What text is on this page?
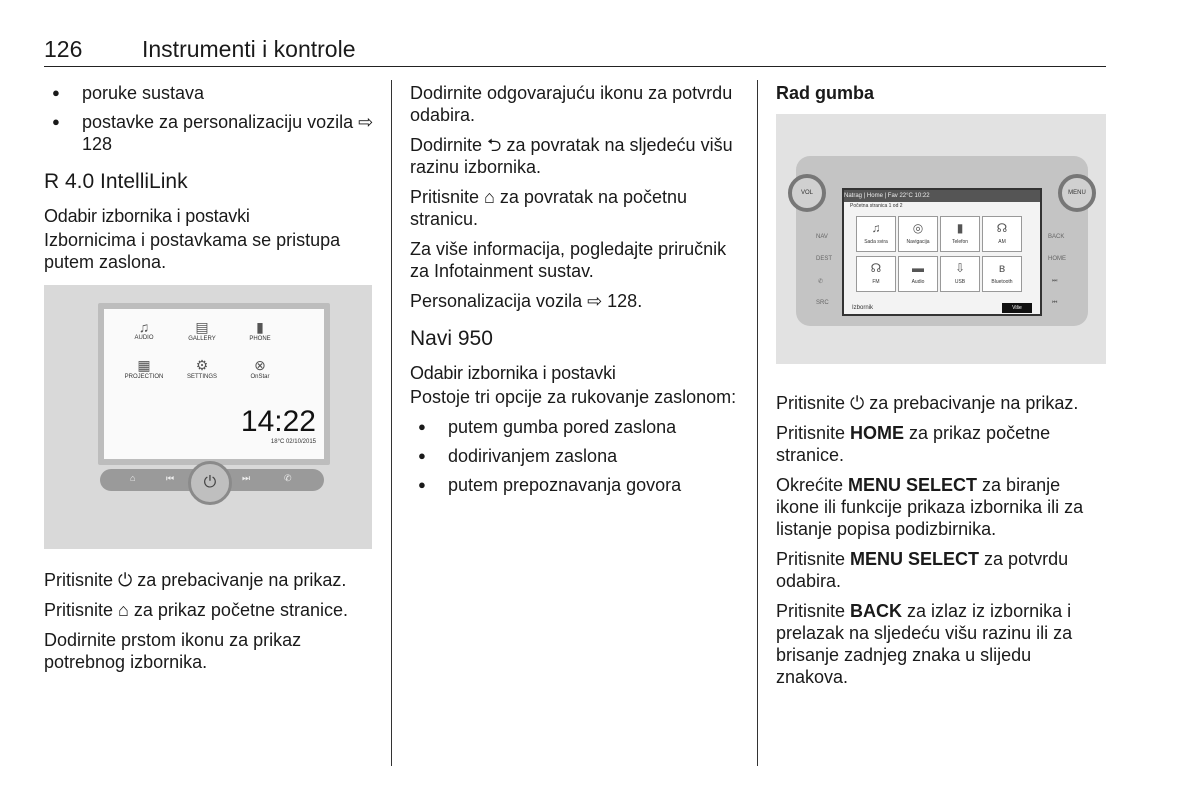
126	Instrumenti i kontrole
● poruke sustava
● postavke za personalizaciju vozila ⇨ 128
R 4.0 IntelliLink
Odabir izbornika i postavki

Izbornicima i postavkama se pristupa putem zaslona.

♫
AUDIO
▤
GALLERY
▮
PHONE
▦
PROJECTION
⚙
SETTINGS
⊗
OnStar
14:22
18°C 02/10/2015
⌂	⏮	⏭	✆
⏻

Pritisnite ⏻ za prebacivanje na prikaz.

Pritisnite ⌂ za prikaz početne stranice.

Dodirnite prstom ikonu za prikaz potrebnog izbornika.

Dodirnite odgovarajuću ikonu za potvrdu odabira.

Dodirnite ⮌ za povratak na sljedeću višu razinu izbornika.

Pritisnite ⌂ za povratak na početnu stranicu.

Za više informacija, pogledajte priručnik za Infotainment sustav.

Personalizacija vozila ⇨ 128.

Navi 950
Odabir izbornika i postavki

Postoje tri opcije za rukovanje zaslonom:

● putem gumba pored zaslona
● dodirivanjem zaslona
● putem prepoznavanja govora

Rad gumba

VOL	MENU
NAV
DEST
✆
SRC
BACK
HOME
⏭
⏮
Natrag | Home | Fav 22°C 10:22
Početna stranica 1 od 2
♫
Sada svira
◎
Navigacija
▮
Telefon
☊
AM
☊
FM
▬
Audio
⇩
USB
ʙ
Bluetooth
Izbornik	Više

Pritisnite ⏻ za prebacivanje na prikaz.

Pritisnite HOME za prikaz početne stranice.

Okrećite MENU SELECT za biranje ikone ili funkcije prikaza izbornika ili za listanje popisa podizbirnika.

Pritisnite MENU SELECT za potvrdu odabira.

Pritisnite BACK za izlaz iz izbornika i prelazak na sljedeću višu razinu ili za brisanje zadnjeg znaka u slijedu znakova.
